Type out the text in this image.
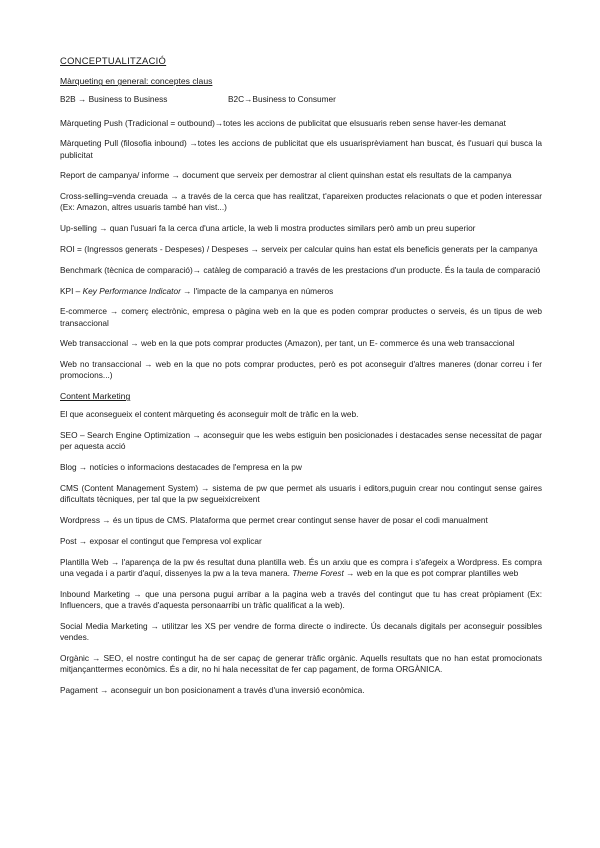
CONCEPTUALITZACIÓ
Màrqueting en general: conceptes claus
B2B → Business to Business	B2C→Business to Consumer

Màrqueting Push (Tradicional = outbound)→totes les accions de publicitat que elsusuaris reben sense haver-les demanat

Màrqueting Pull (filosofia inbound) →totes les accions de publicitat que els usuarisprèviament han buscat, és l'usuari qui busca la publicitat

Report de campanya/ informe → document que serveix per demostrar al client quinshan estat els resultats de la campanya

Cross-selling=venda creuada → a través de la cerca que has realitzat, t'apareixen productes relacionats o que et poden interessar (Ex: Amazon, altres usuaris també han vist...)

Up-selling → quan l'usuari fa la cerca d'una article, la web li mostra productes similars però amb un preu superior

ROI = (Ingressos generats - Despeses) / Despeses → serveix per calcular quins han estat els beneficis generats per la campanya

Benchmark (tècnica de comparació)→ catàleg de comparació a través de les prestacions d'un producte. És la taula de comparació

KPI – Key Performance Indicator → l'impacte de la campanya en números

E-commerce → comerç electrònic, empresa o pàgina web en la que es poden comprar productes o serveis, és un tipus de web transaccional

Web transaccional → web en la que pots comprar productes (Amazon), per tant, un E- commerce és una web transaccional

Web no transaccional → web en la que no pots comprar productes, però es pot aconseguir d'altres maneres (donar correu i fer promocions...)

Content Marketing

El que aconsegueix el content màrqueting és aconseguir molt de tràfic en la web.

SEO – Search Engine Optimization → aconseguir que les webs estiguin ben posicionades i destacades sense necessitat de pagar per aquesta acció

Blog → notícies o informacions destacades de l'empresa en la pw

CMS (Content Management System) → sistema de pw que permet als usuaris i editors,puguin crear nou contingut sense gaires dificultats tècniques, per tal que la pw segueixicreixent

Wordpress → és un tipus de CMS. Plataforma que permet crear contingut sense haver de posar el codi manualment

Post → exposar el contingut que l'empresa vol explicar

Plantilla Web → l'aparença de la pw és resultat duna plantilla web. És un arxiu que es compra i s'afegeix a Wordpress. Es compra una vegada i a partir d'aquí, dissenyes la pw a la teva manera. Theme Forest → web en la que es pot comprar plantilles web

Inbound Marketing → que una persona pugui arribar a la pagina web a través del contingut que tu has creat pròpiament (Ex: Influencers, que a través d'aquesta personaarribi un tràfic qualificat a la web).

Social Media Marketing → utilitzar les XS per vendre de forma directe o indirecte. Ús decanals digitals per aconseguir possibles vendes.

Orgànic → SEO, el nostre contingut ha de ser capaç de generar tràfic orgànic. Aquells resultats que no han estat promocionats mitjançanttermes econòmics. És a dir, no hi hala necessitat de fer cap pagament, de forma ORGÀNICA.

Pagament → aconseguir un bon posicionament a través d'una inversió econòmica.
